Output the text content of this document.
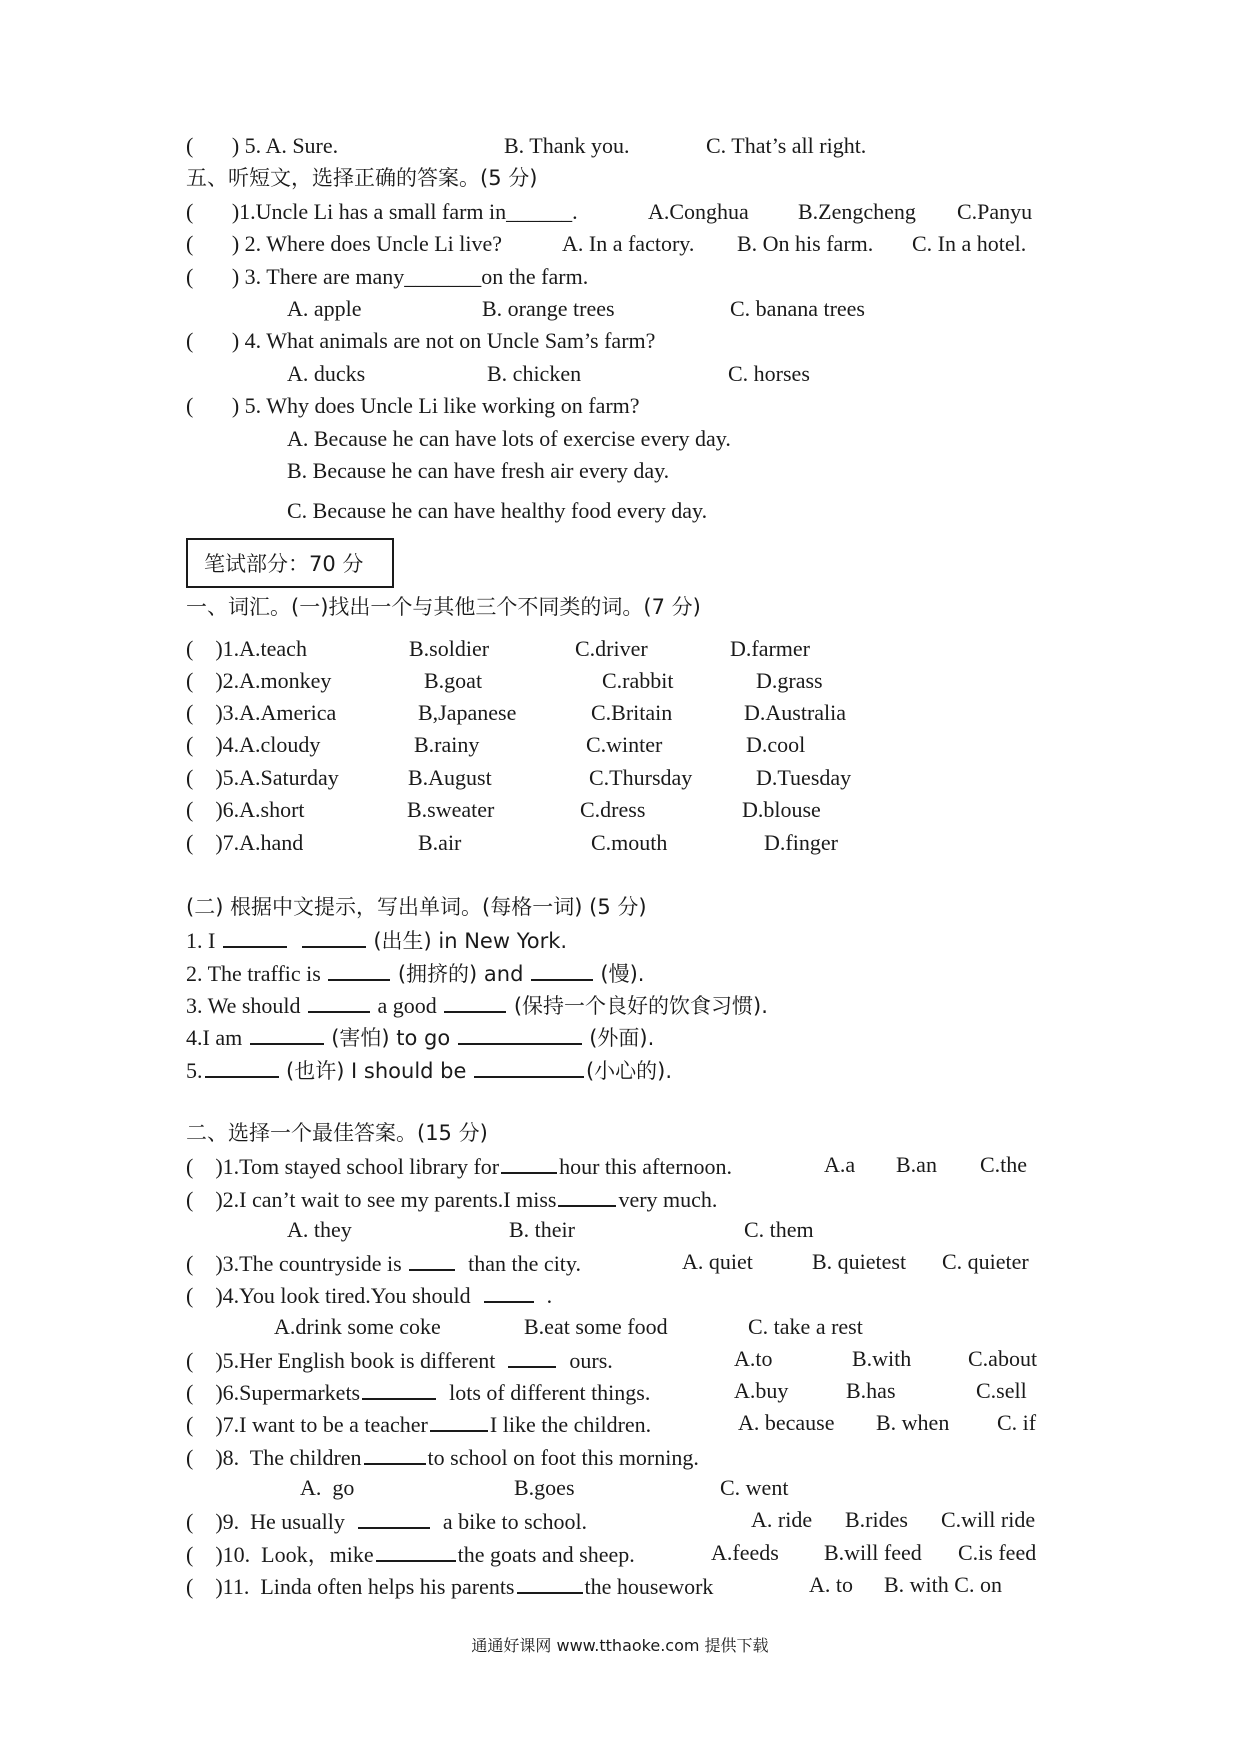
(       ) 5. A. Sure.	B. Thank you.	C. That’s all right.
五、听短文，选择正确的答案。(5 分)
(       )1.Uncle Li has a small farm in______.	A.Conghua B.Zengcheng C.Panyu
(       ) 2. Where does Uncle Li live?	A. In a factory. B. On his farm. C. In a hotel.
(       ) 3. There are many_______on the farm.
A. apple	B. orange trees	C. banana trees
(       ) 4. What animals are not on Uncle Sam’s farm?
A. ducks	B. chicken	C. horses
(       ) 5. Why does Uncle Li like working on farm?
A. Because he can have lots of exercise every day.
B. Because he can have fresh air every day.
C. Because he can have healthy food every day.
笔试部分：70 分
一、词汇。(一)找出一个与其他三个不同类的词。(7 分)
(    )1.A.teach	B.soldier	C.driver	D.farmer
(    )2.A.monkey	B.goat	C.rabbit	D.grass
(    )3.A.America	B,Japanese	C.Britain	D.Australia
(    )4.A.cloudy	B.rainy	C.winter	D.cool
(    )5.A.Saturday	B.August	C.Thursday	D.Tuesday
(    )6.A.short	B.sweater	C.dress	D.blouse
(    )7.A.hand	B.air	C.mouth	D.finger
(二) 根据中文提示，写出单词。(每格一词) (5 分)
1. I	(出生) in New York.
2. The traffic is	(拥挤的) and	(慢).
3. We should	a good	(保持一个良好的饮食习惯).
4.I am	(害怕) to go	(外面).
5.	(也许) I should be	(小心的).
二、选择一个最佳答案。(15 分)
(    )1.Tom stayed school library for	hour this afternoon.	A.a B.an C.the
(    )2.I can’t wait to see my parents.I miss	very much.
A. they	B. their	C. them
(    )3.The countryside is	than the city.	A. quiet	B. quietest C. quieter
(    )4.You look tired.You should	.
A.drink some coke	B.eat some food	C. take a rest
(    )5.Her English book is different	ours.	A.to	B.with	C.about
(    )6.Supermarkets	lots of different things.	A.buy	B.has	C.sell
(    )7.I want to be a teacher	I like the children.	A. because B. when C. if
(    )8.  The children	to school on foot this morning.
A.  go	B.goes	C. went
(    )9.  He usually	a bike to school.	A. ride B.rides C.will ride
(    )10.  Look，mike	the goats and sheep.	A.feeds B.will feed C.is feed
(    )11.  Linda often helps his parents	the housework	A. to B. with C. on
通通好课网 www.tthaoke.com 提供下载
